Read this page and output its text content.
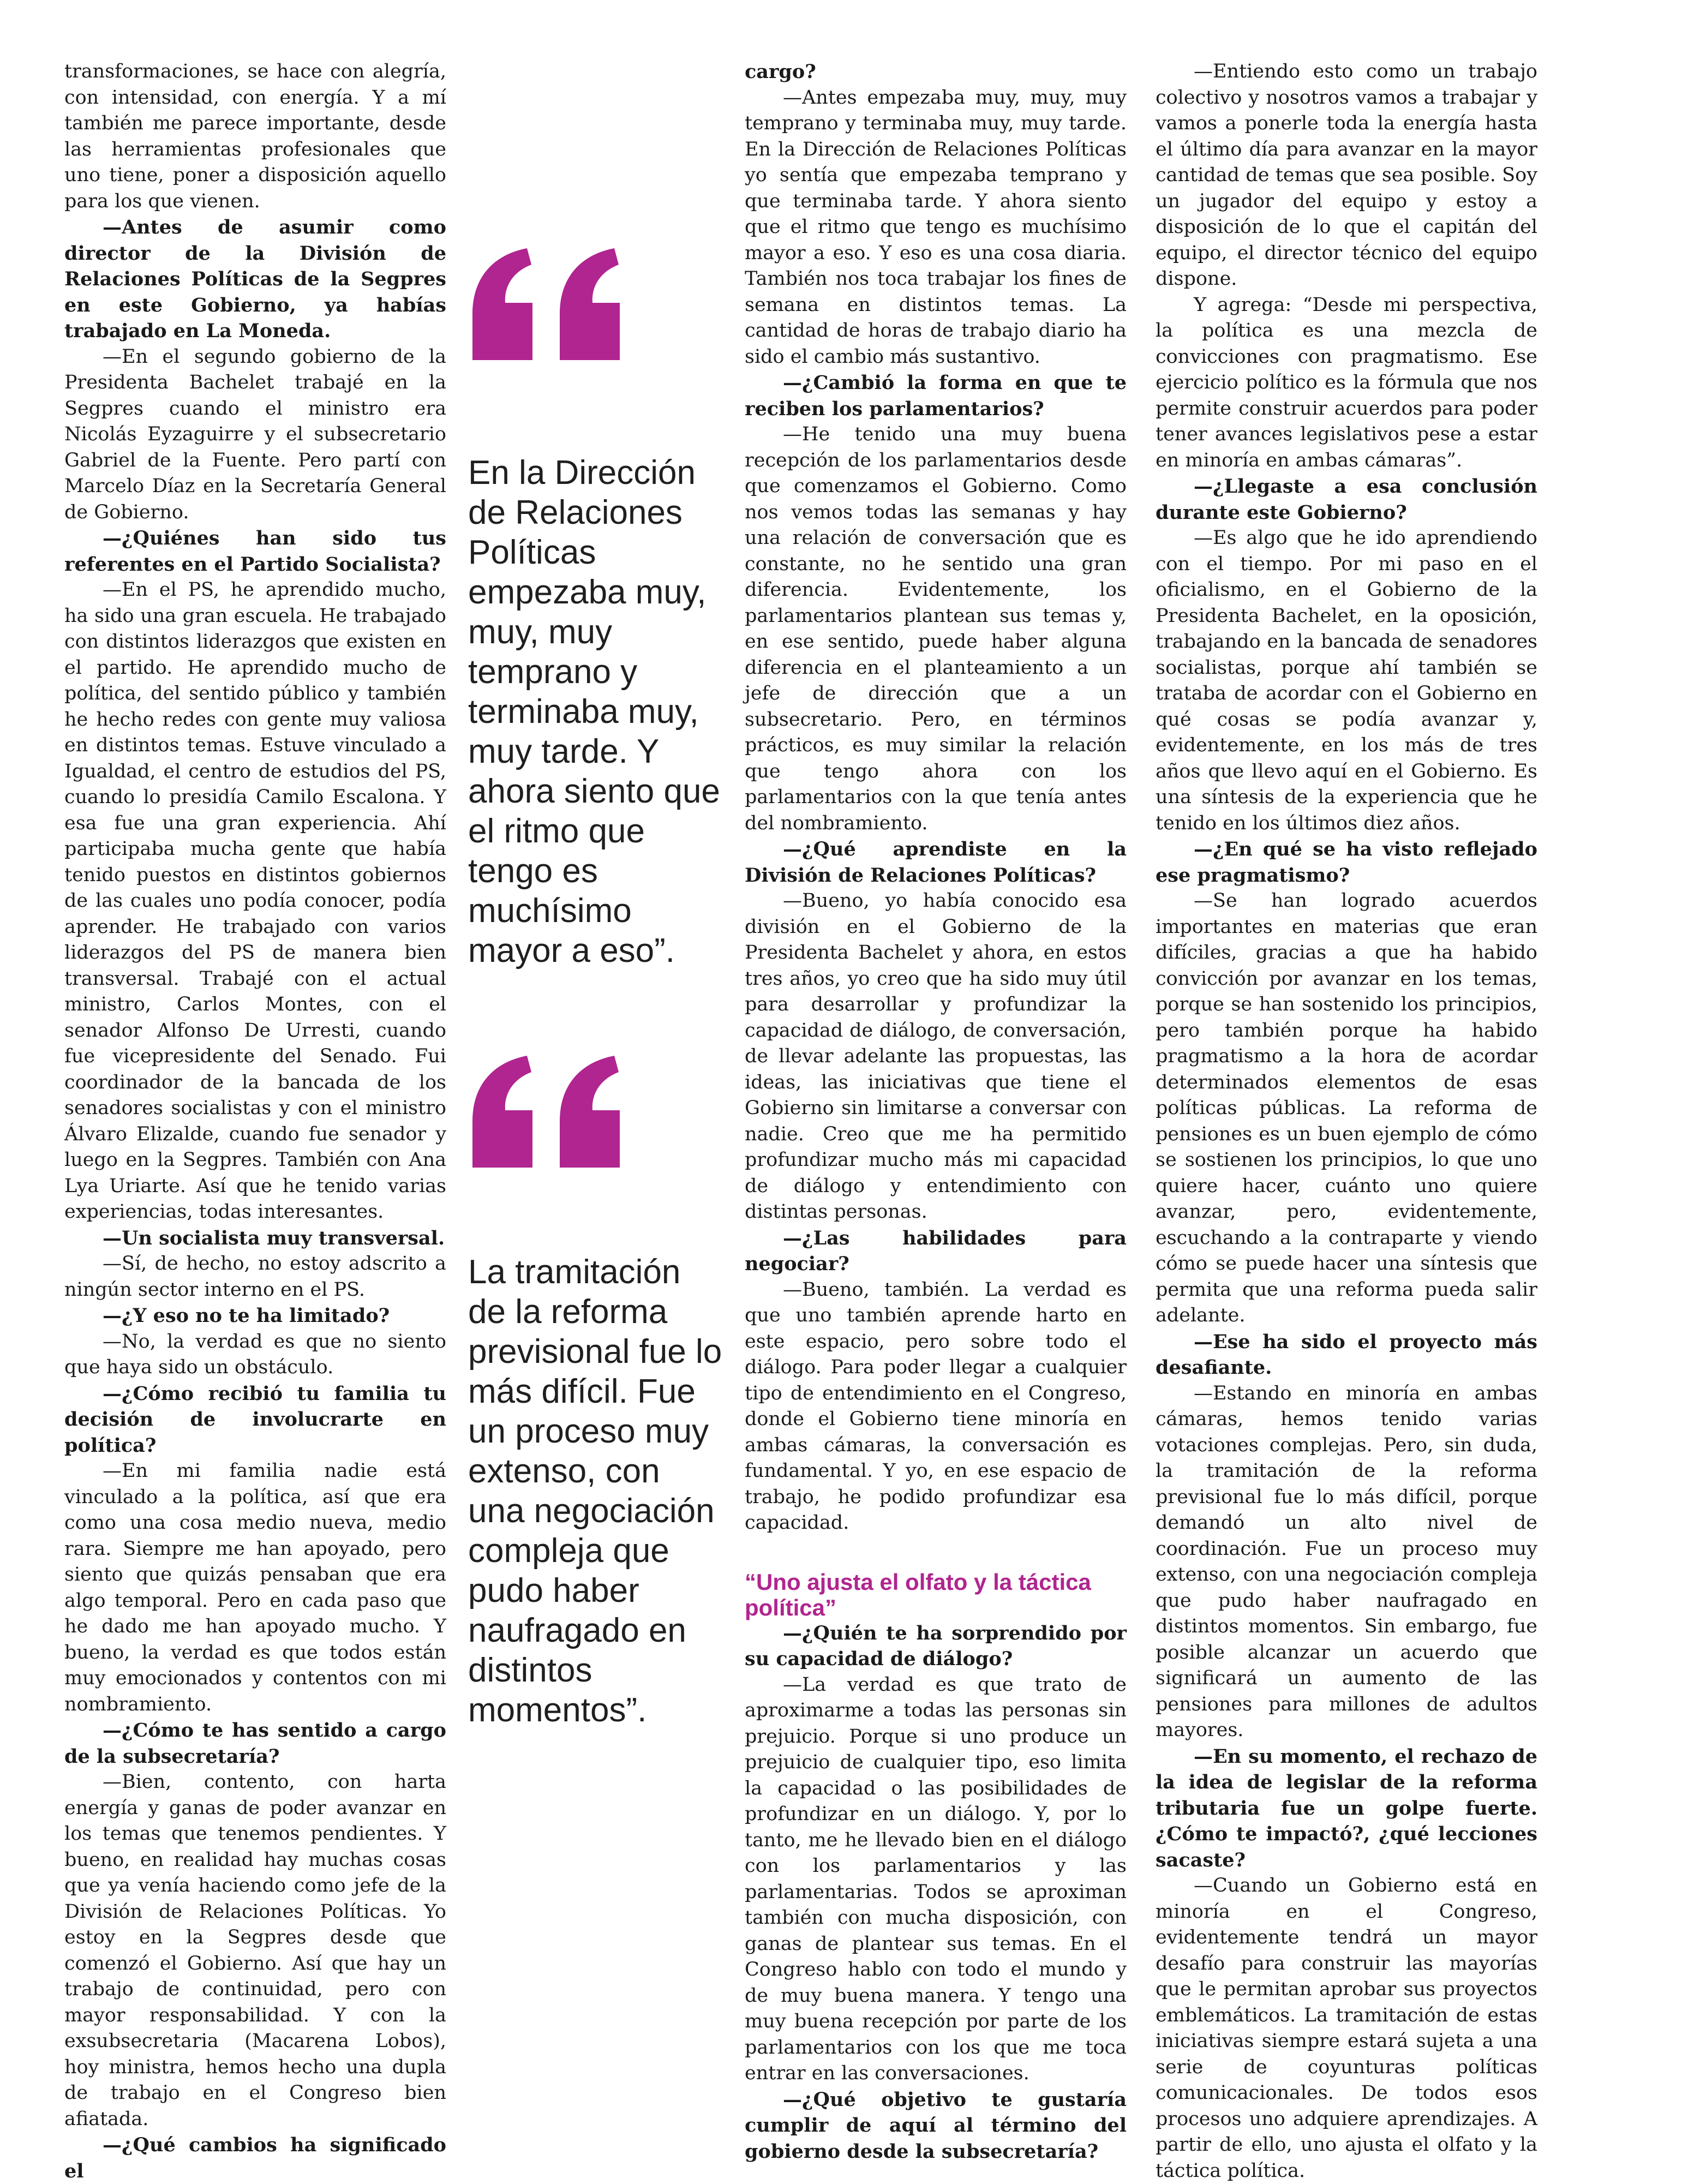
transformaciones, se hace con alegría, con intensidad, con energía. Y a mí también me parece importante, desde las herramientas profesionales que uno tiene, poner a disposición aquello para los que vienen.

—Antes de asumir como director de la División de Relaciones Políticas de la Segpres en este Gobierno, ya habías trabajado en La Moneda.

—En el segundo gobierno de la Presidenta Bachelet trabajé en la Segpres cuando el ministro era Nicolás Eyzaguirre y el subsecretario Gabriel de la Fuente. Pero partí con Marcelo Díaz en la Secretaría General de Gobierno.

—¿Quiénes han sido tus referentes en el Partido Socialista?

—En el PS, he aprendido mucho, ha sido una gran escuela. He trabajado con distintos liderazgos que existen en el partido. He aprendido mucho de política, del sentido público y también he hecho redes con gente muy valiosa en distintos temas. Estuve vinculado a Igualdad, el centro de estudios del PS, cuando lo presidía Camilo Escalona. Y esa fue una gran experiencia. Ahí participaba mucha gente que había tenido puestos en distintos gobiernos de las cuales uno podía conocer, podía aprender. He trabajado con varios liderazgos del PS de manera bien transversal. Trabajé con el actual ministro, Carlos Montes, con el senador Alfonso De Urresti, cuando fue vicepresidente del Senado. Fui coordinador de la bancada de los senadores socialistas y con el ministro Álvaro Elizalde, cuando fue senador y luego en la Segpres. También con Ana Lya Uriarte. Así que he tenido varias experiencias, todas interesantes.

—Un socialista muy transversal.

—Sí, de hecho, no estoy adscrito a ningún sector interno en el PS.

—¿Y eso no te ha limitado?

—No, la verdad es que no siento que haya sido un obstáculo.

—¿Cómo recibió tu familia tu decisión de involucrarte en política?

—En mi familia nadie está vinculado a la política, así que era como una cosa medio nueva, medio rara. Siempre me han apoyado, pero siento que quizás pensaban que era algo temporal. Pero en cada paso que he dado me han apoyado mucho. Y bueno, la verdad es que todos están muy emocionados y contentos con mi nombramiento.

—¿Cómo te has sentido a cargo de la subsecretaría?

—Bien, contento, con harta energía y ganas de poder avanzar en los temas que tenemos pendientes. Y bueno, en realidad hay muchas cosas que ya venía haciendo como jefe de la División de Relaciones Políticas. Yo estoy en la Segpres desde que comenzó el Gobierno. Así que hay un trabajo de continuidad, pero con mayor responsabilidad. Y con la exsubsecretaria (Macarena Lobos), hoy ministra, hemos hecho una dupla de trabajo en el Congreso bien afiatada.

—¿Qué cambios ha significado el

En la Dirección de Relaciones Políticas empezaba muy, muy, muy temprano y terminaba muy, muy tarde. Y ahora siento que el ritmo que tengo es muchísimo mayor a eso”.
La tramitación de la reforma previsional fue lo más difícil. Fue un proceso muy extenso, con una negociación compleja que pudo haber naufragado en distintos momentos”.

cargo?

—Antes empezaba muy, muy, muy temprano y terminaba muy, muy tarde. En la Dirección de Relaciones Políticas yo sentía que empezaba temprano y que terminaba tarde. Y ahora siento que el ritmo que tengo es muchísimo mayor a eso. Y eso es una cosa diaria. También nos toca trabajar los fines de semana en distintos temas. La cantidad de horas de trabajo diario ha sido el cambio más sustantivo.

—¿Cambió la forma en que te reciben los parlamentarios?

—He tenido una muy buena recepción de los parlamentarios desde que comenzamos el Gobierno. Como nos vemos todas las semanas y hay una relación de conversación que es constante, no he sentido una gran diferencia. Evidentemente, los parlamentarios plantean sus temas y, en ese sentido, puede haber alguna diferencia en el planteamiento a un jefe de dirección que a un subsecretario. Pero, en términos prácticos, es muy similar la relación que tengo ahora con los parlamentarios con la que tenía antes del nombramiento.

—¿Qué aprendiste en la División de Relaciones Políticas?

—Bueno, yo había conocido esa división en el Gobierno de la Presidenta Bachelet y ahora, en estos tres años, yo creo que ha sido muy útil para desarrollar y profundizar la capacidad de diálogo, de conversación, de llevar adelante las propuestas, las ideas, las iniciativas que tiene el Gobierno sin limitarse a conversar con nadie. Creo que me ha permitido profundizar mucho más mi capacidad de diálogo y entendimiento con distintas personas.

—¿Las habilidades para negociar?

—Bueno, también. La verdad es que uno también aprende harto en este espacio, pero sobre todo el diálogo. Para poder llegar a cualquier tipo de entendimiento en el Congreso, donde el Gobierno tiene minoría en ambas cámaras, la conversación es fundamental. Y yo, en ese espacio de trabajo, he podido profundizar esa capacidad.

“Uno ajusta el olfato y la táctica política”

—¿Quién te ha sorprendido por su capacidad de diálogo?

—La verdad es que trato de aproximarme a todas las personas sin prejuicio. Porque si uno produce un prejuicio de cualquier tipo, eso limita la capacidad o las posibilidades de profundizar en un diálogo. Y, por lo tanto, me he llevado bien en el diálogo con los parlamentarios y las parlamentarias. Todos se aproximan también con mucha disposición, con ganas de plantear sus temas. En el Congreso hablo con todo el mundo y de muy buena manera. Y tengo una muy buena recepción por parte de los parlamentarios con los que me toca entrar en las conversaciones.

—¿Qué objetivo te gustaría cumplir de aquí al término del gobierno desde la subsecretaría?

—Entiendo esto como un trabajo colectivo y nosotros vamos a trabajar y vamos a ponerle toda la energía hasta el último día para avanzar en la mayor cantidad de temas que sea posible. Soy un jugador del equipo y estoy a disposición de lo que el capitán del equipo, el director técnico del equipo dispone.

Y agrega: “Desde mi perspectiva, la política es una mezcla de convicciones con pragmatismo. Ese ejercicio político es la fórmula que nos permite construir acuerdos para poder tener avances legislativos pese a estar en minoría en ambas cámaras”.

—¿Llegaste a esa conclusión durante este Gobierno?

—Es algo que he ido aprendiendo con el tiempo. Por mi paso en el oficialismo, en el Gobierno de la Presidenta Bachelet, en la oposición, trabajando en la bancada de senadores socialistas, porque ahí también se trataba de acordar con el Gobierno en qué cosas se podía avanzar y, evidentemente, en los más de tres años que llevo aquí en el Gobierno. Es una síntesis de la experiencia que he tenido en los últimos diez años.

—¿En qué se ha visto reflejado ese pragmatismo?

—Se han logrado acuerdos importantes en materias que eran difíciles, gracias a que ha habido convicción por avanzar en los temas, porque se han sostenido los principios, pero también porque ha habido pragmatismo a la hora de acordar determinados elementos de esas políticas públicas. La reforma de pensiones es un buen ejemplo de cómo se sostienen los principios, lo que uno quiere hacer, cuánto uno quiere avanzar, pero, evidentemente, escuchando a la contraparte y viendo cómo se puede hacer una síntesis que permita que una reforma pueda salir adelante.

—Ese ha sido el proyecto más desafiante.

—Estando en minoría en ambas cámaras, hemos tenido varias votaciones complejas. Pero, sin duda, la tramitación de la reforma previsional fue lo más difícil, porque demandó un alto nivel de coordinación. Fue un proceso muy extenso, con una negociación compleja que pudo haber naufragado en distintos momentos. Sin embargo, fue posible alcanzar un acuerdo que significará un aumento de las pensiones para millones de adultos mayores.

—En su momento, el rechazo de la idea de legislar de la reforma tributaria fue un golpe fuerte. ¿Cómo te impactó?, ¿qué lecciones sacaste?

—Cuando un Gobierno está en minoría en el Congreso, evidentemente tendrá un mayor desafío para construir las mayorías que le permitan aprobar sus proyectos emblemáticos. La tramitación de estas iniciativas siempre estará sujeta a una serie de coyunturas políticas comunicacionales. De todos esos procesos uno adquiere aprendizajes. A partir de ello, uno ajusta el olfato y la táctica política.
